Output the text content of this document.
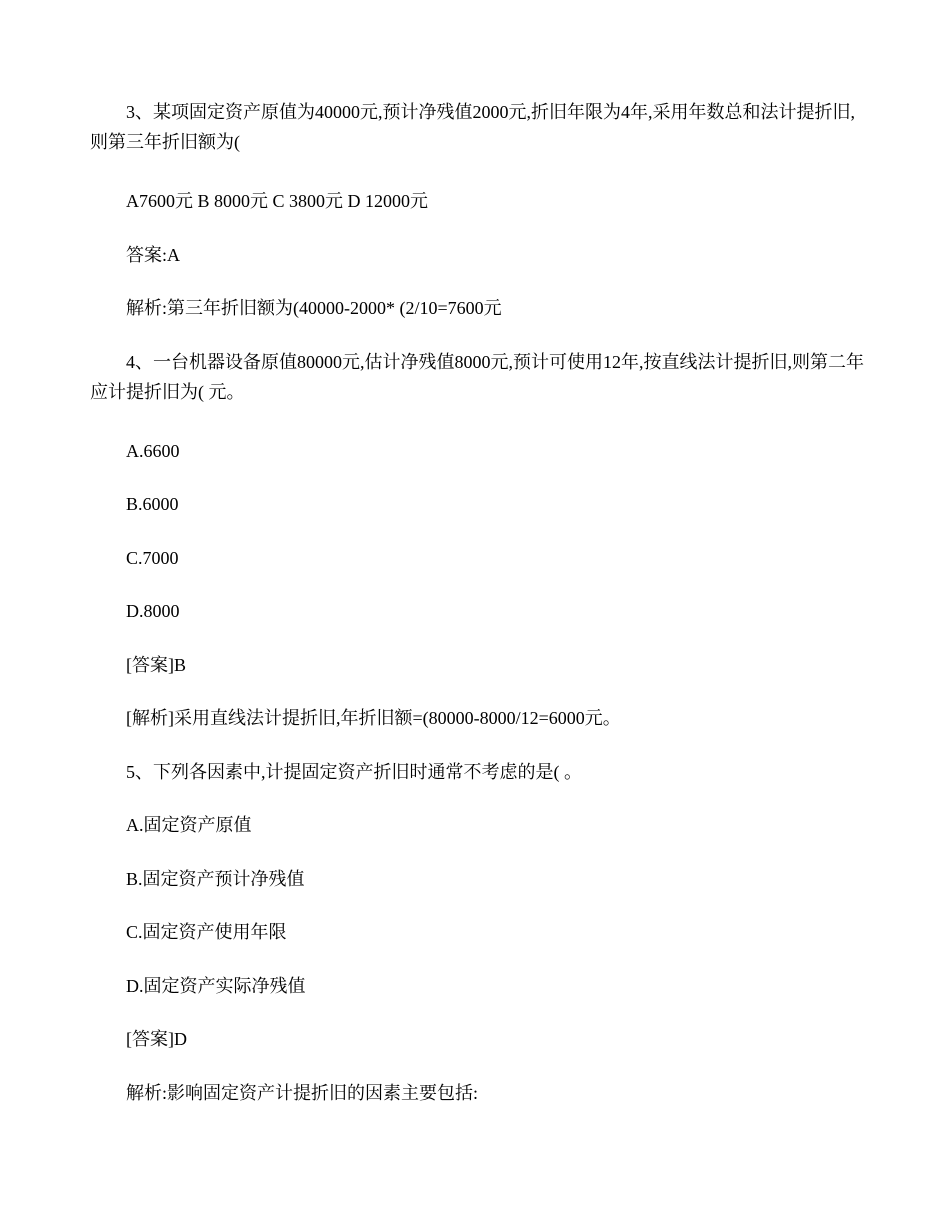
3、某项固定资产原值为40000元,预计净残值2000元,折旧年限为4年,采用年数总和法计提折旧,则第三年折旧额为(

A7600元 B 8000元 C 3800元 D 12000元

答案:A

解析:第三年折旧额为(40000-2000* (2/10=7600元

4、一台机器设备原值80000元,估计净残值8000元,预计可使用12年,按直线法计提折旧,则第二年应计提折旧为( 元。

A.6600

B.6000

C.7000

D.8000

[答案]B

[解析]采用直线法计提折旧,年折旧额=(80000-8000/12=6000元。

5、下列各因素中,计提固定资产折旧时通常不考虑的是( 。

A.固定资产原值

B.固定资产预计净残值

C.固定资产使用年限

D.固定资产实际净残值

[答案]D

解析:影响固定资产计提折旧的因素主要包括:
